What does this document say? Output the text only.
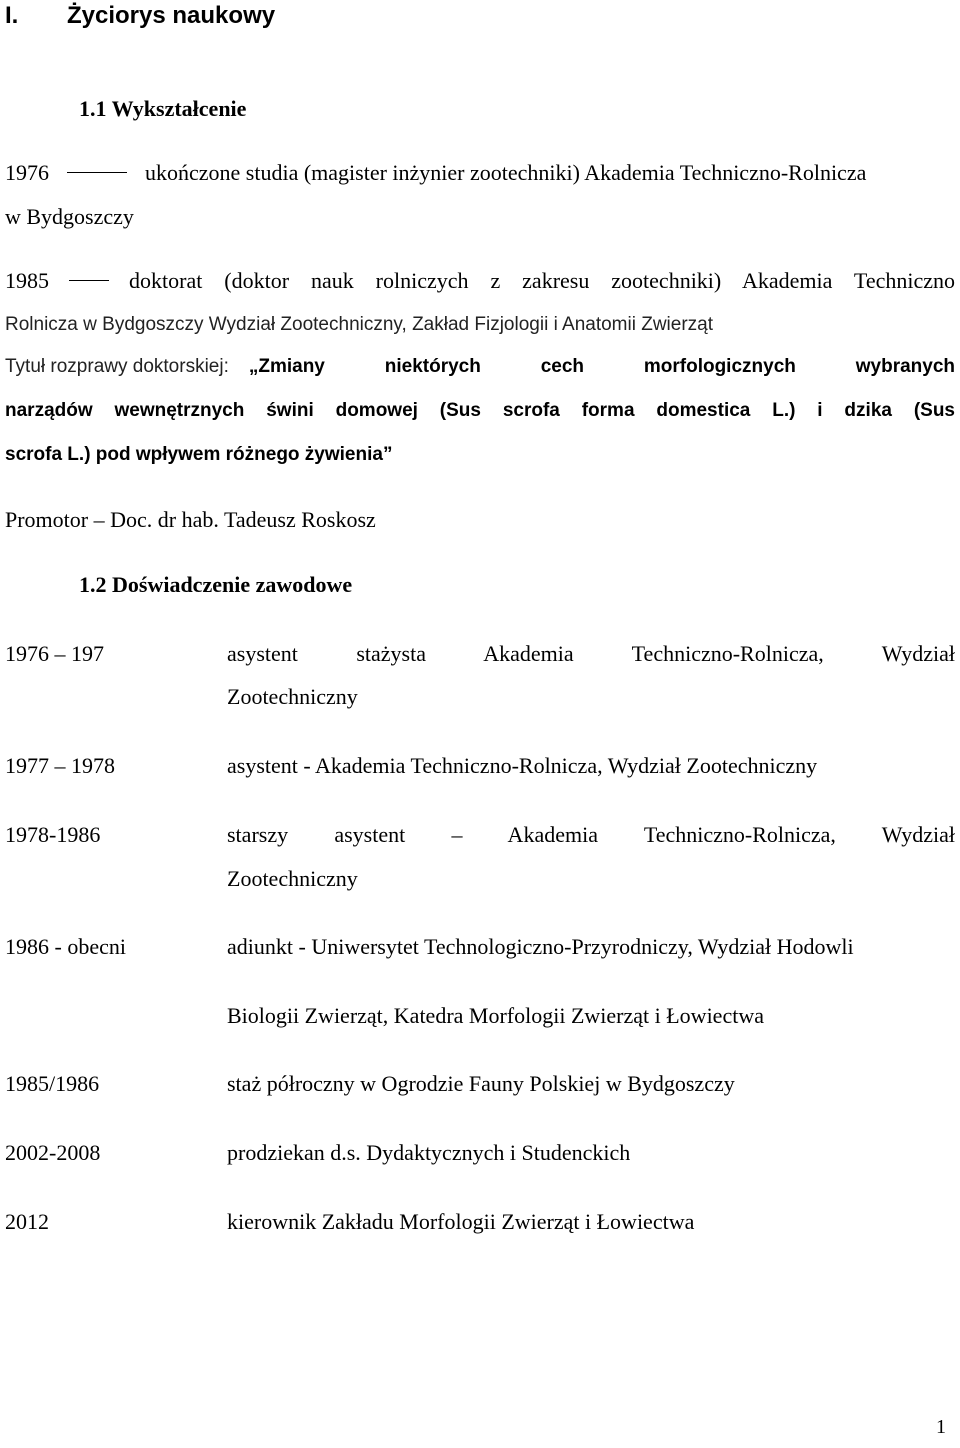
I. Życiorys naukowy
1.1 Wykształcenie
1976	ukończone studia (magister inżynier zootechniki) Akademia Techniczno-Rolnicza
w Bydgoszczy
1985	doktorat (doktor nauk rolniczych z zakresu zootechniki) Akademia Techniczno
Rolnicza w Bydgoszczy Wydział Zootechniczny, Zakład Fizjologii i Anatomii Zwierząt
Tytuł rozprawy doktorskiej: „Zmiany niektórych cech morfologicznych wybranych
narządów wewnętrznych świni domowej (Sus scrofa forma domestica L.) i dzika (Sus
scrofa L.) pod wpływem różnego żywienia”
Promotor – Doc. dr hab. Tadeusz Roskosz
1.2 Doświadczenie zawodowe
1976 – 197	asystent stażysta Akademia Techniczno-Rolnicza, Wydział
Zootechniczny
1977 – 1978	asystent - Akademia Techniczno-Rolnicza, Wydział Zootechniczny
1978-1986	starszy asystent – Akademia Techniczno-Rolnicza, Wydział
Zootechniczny
1986 - obecni	adiunkt - Uniwersytet Technologiczno-Przyrodniczy, Wydział Hodowli
Biologii Zwierząt, Katedra Morfologii Zwierząt i Łowiectwa
1985/1986	staż półroczny w Ogrodzie Fauny Polskiej w Bydgoszczy
2002-2008	prodziekan d.s. Dydaktycznych i Studenckich
2012	kierownik Zakładu Morfologii Zwierząt i Łowiectwa
1
